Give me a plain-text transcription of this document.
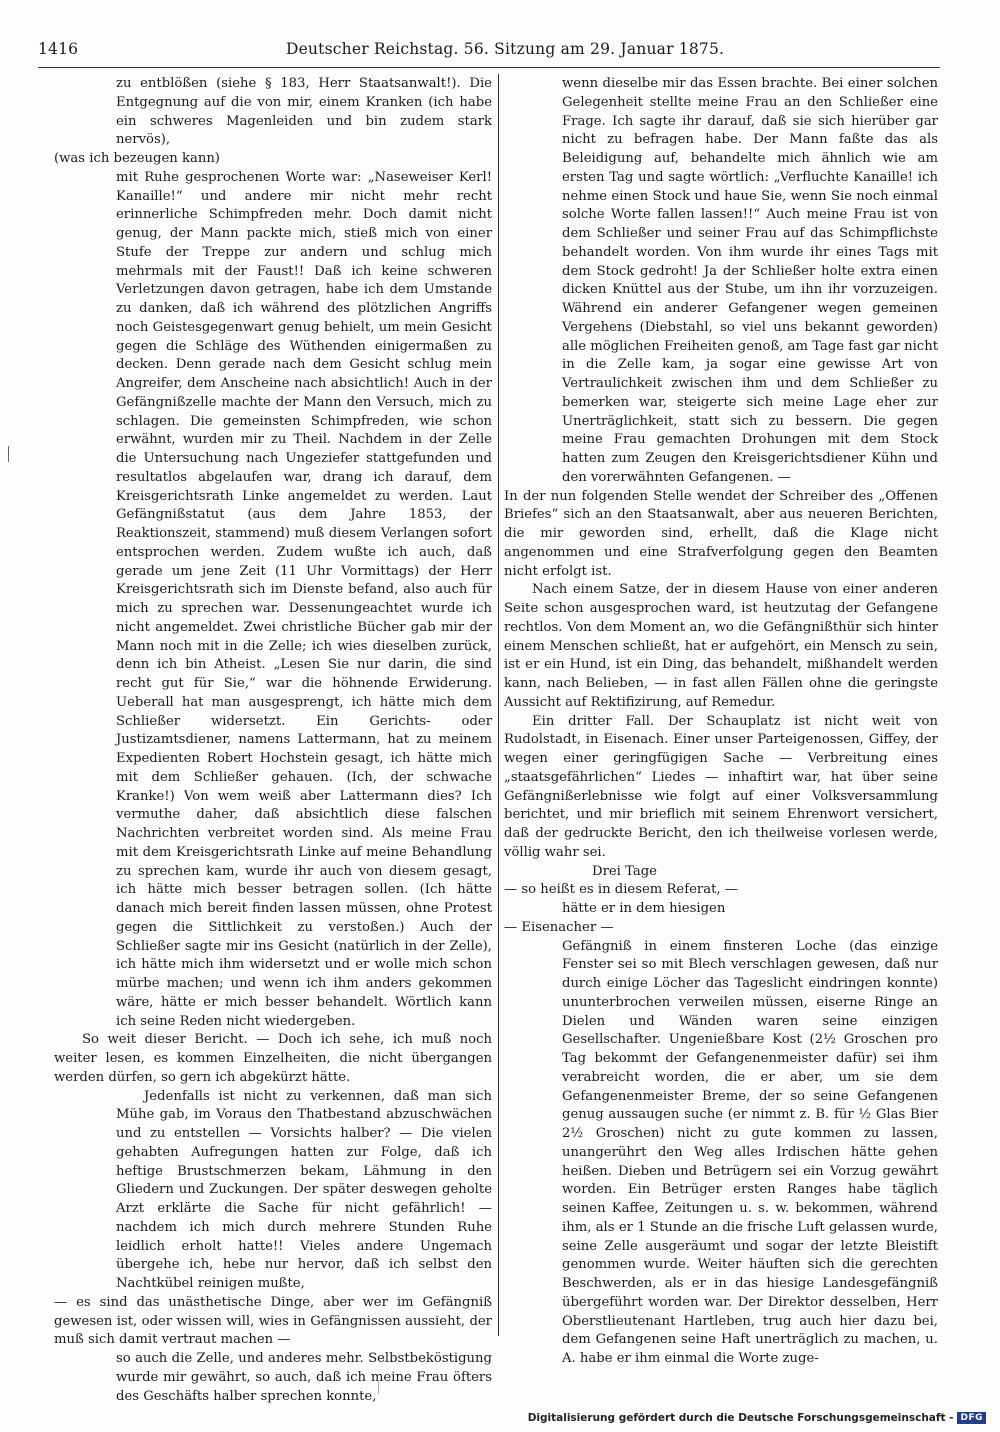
1416	Deutscher Reichstag. 56. Sitzung am 29. Januar 1875.

zu entblößen (siehe § 183, Herr Staatsanwalt!). Die Entgegnung auf die von mir, einem Kranken (ich habe ein schweres Magenleiden und bin zudem stark nervös),

(was ich bezeugen kann)

mit Ruhe gesprochenen Worte war: „Naseweiser Kerl! Kanaille!“ und andere mir nicht mehr recht erinnerliche Schimpfreden mehr. Doch damit nicht genug, der Mann packte mich, stieß mich von einer Stufe der Treppe zur andern und schlug mich mehrmals mit der Faust!! Daß ich keine schweren Verletzungen davon getragen, habe ich dem Umstande zu danken, daß ich während des plötzlichen Angriffs noch Geistesgegenwart genug behielt, um mein Gesicht gegen die Schläge des Wüthenden einigermaßen zu decken. Denn gerade nach dem Gesicht schlug mein Angreifer, dem Anscheine nach absichtlich! Auch in der Gefängnißzelle machte der Mann den Versuch, mich zu schlagen. Die gemeinsten Schimpfreden, wie schon erwähnt, wurden mir zu Theil. Nachdem in der Zelle die Untersuchung nach Ungeziefer stattgefunden und resultatlos abgelaufen war, drang ich darauf, dem Kreisgerichtsrath Linke angemeldet zu werden. Laut Gefängnißstatut (aus dem Jahre 1853, der Reaktionszeit, stammend) muß diesem Verlangen sofort entsprochen werden. Zudem wußte ich auch, daß gerade um jene Zeit (11 Uhr Vormittags) der Herr Kreisgerichtsrath sich im Dienste befand, also auch für mich zu sprechen war. Dessenungeachtet wurde ich nicht angemeldet. Zwei christliche Bücher gab mir der Mann noch mit in die Zelle; ich wies dieselben zurück, denn ich bin Atheist. „Lesen Sie nur darin, die sind recht gut für Sie,“ war die höhnende Erwiderung. Ueberall hat man ausgesprengt, ich hätte mich dem Schließer widersetzt. Ein Gerichts- oder Justizamtsdiener, namens Lattermann, hat zu meinem Expedienten Robert Hochstein gesagt, ich hätte mich mit dem Schließer gehauen. (Ich, der schwache Kranke!) Von wem weiß aber Lattermann dies? Ich vermuthe daher, daß absichtlich diese falschen Nachrichten verbreitet worden sind. Als meine Frau mit dem Kreisgerichtsrath Linke auf meine Behandlung zu sprechen kam, wurde ihr auch von diesem gesagt, ich hätte mich besser betragen sollen. (Ich hätte danach mich bereit finden lassen müssen, ohne Protest gegen die Sittlichkeit zu verstoßen.) Auch der Schließer sagte mir ins Gesicht (natürlich in der Zelle), ich hätte mich ihm widersetzt und er wolle mich schon mürbe machen; und wenn ich ihm anders gekommen wäre, hätte er mich besser behandelt. Wörtlich kann ich seine Reden nicht wiedergeben.

So weit dieser Bericht. — Doch ich sehe, ich muß noch weiter lesen, es kommen Einzelheiten, die nicht übergangen werden dürfen, so gern ich abgekürzt hätte.

Jedenfalls ist nicht zu verkennen, daß man sich Mühe gab, im Voraus den Thatbestand abzuschwächen und zu entstellen — Vorsichts halber? — Die vielen gehabten Aufregungen hatten zur Folge, daß ich heftige Brustschmerzen bekam, Lähmung in den Gliedern und Zuckungen. Der später deswegen geholte Arzt erklärte die Sache für nicht gefährlich! — nachdem ich mich durch mehrere Stunden Ruhe leidlich erholt hatte!! Vieles andere Ungemach übergehe ich, hebe nur hervor, daß ich selbst den Nachtkübel reinigen mußte,

— es sind das unästhetische Dinge, aber wer im Gefängniß gewesen ist, oder wissen will, wies in Gefängnissen aussieht, der muß sich damit vertraut machen —

so auch die Zelle, und anderes mehr. Selbstbeköstigung wurde mir gewährt, so auch, daß ich meine Frau öfters des Geschäfts halber sprechen konnte,

wenn dieselbe mir das Essen brachte. Bei einer solchen Gelegenheit stellte meine Frau an den Schließer eine Frage. Ich sagte ihr darauf, daß sie sich hierüber gar nicht zu befragen habe. Der Mann faßte das als Beleidigung auf, behandelte mich ähnlich wie am ersten Tag und sagte wörtlich: „Verfluchte Kanaille! ich nehme einen Stock und haue Sie, wenn Sie noch einmal solche Worte fallen lassen!!“ Auch meine Frau ist von dem Schließer und seiner Frau auf das Schimpflichste behandelt worden. Von ihm wurde ihr eines Tags mit dem Stock gedroht! Ja der Schließer holte extra einen dicken Knüttel aus der Stube, um ihn ihr vorzuzeigen. Während ein anderer Gefangener wegen gemeinen Vergehens (Diebstahl, so viel uns bekannt geworden) alle möglichen Freiheiten genoß, am Tage fast gar nicht in die Zelle kam, ja sogar eine gewisse Art von Vertraulichkeit zwischen ihm und dem Schließer zu bemerken war, steigerte sich meine Lage eher zur Unerträglichkeit, statt sich zu bessern. Die gegen meine Frau gemachten Drohungen mit dem Stock hatten zum Zeugen den Kreisgerichtsdiener Kühn und den vorerwähnten Gefangenen. —

In der nun folgenden Stelle wendet der Schreiber des „Offenen Briefes“ sich an den Staatsanwalt, aber aus neueren Berichten, die mir geworden sind, erhellt, daß die Klage nicht angenommen und eine Strafverfolgung gegen den Beamten nicht erfolgt ist.

Nach einem Satze, der in diesem Hause von einer anderen Seite schon ausgesprochen ward, ist heutzutag der Gefangene rechtlos. Von dem Moment an, wo die Gefängnißthür sich hinter einem Menschen schließt, hat er aufgehört, ein Mensch zu sein, ist er ein Hund, ist ein Ding, das behandelt, mißhandelt werden kann, nach Belieben, — in fast allen Fällen ohne die geringste Aussicht auf Rektifizirung, auf Remedur.

Ein dritter Fall. Der Schauplatz ist nicht weit von Rudolstadt, in Eisenach. Einer unser Parteigenossen, Giffey, der wegen einer geringfügigen Sache — Verbreitung eines „staatsgefährlichen“ Liedes — inhaftirt war, hat über seine Gefängnißerlebnisse wie folgt auf einer Volksversammlung berichtet, und mir brieflich mit seinem Ehrenwort versichert, daß der gedruckte Bericht, den ich theilweise vorlesen werde, völlig wahr sei.

Drei Tage

— so heißt es in diesem Referat, —

hätte er in dem hiesigen

— Eisenacher —

Gefängniß in einem finsteren Loche (das einzige Fenster sei so mit Blech verschlagen gewesen, daß nur durch einige Löcher das Tageslicht eindringen konnte) ununterbrochen verweilen müssen, eiserne Ringe an Dielen und Wänden waren seine einzigen Gesellschafter. Ungenießbare Kost (2½ Groschen pro Tag bekommt der Gefangenenmeister dafür) sei ihm verabreicht worden, die er aber, um sie dem Gefangenenmeister Breme, der so seine Gefangenen genug aussaugen suche (er nimmt z. B. für ½ Glas Bier 2½ Groschen) nicht zu gute kommen zu lassen, unangerührt den Weg alles Irdischen hätte gehen heißen. Dieben und Betrügern sei ein Vorzug gewährt worden. Ein Betrüger ersten Ranges habe täglich seinen Kaffee, Zeitungen u. s. w. bekommen, während ihm, als er 1 Stunde an die frische Luft gelassen wurde, seine Zelle ausgeräumt und sogar der letzte Bleistift genommen wurde. Weiter häuften sich die gerechten Beschwerden, als er in das hiesige Landesgefängniß übergeführt worden war. Der Direktor desselben, Herr Oberstlieutenant Hartleben, trug auch hier dazu bei, dem Gefangenen seine Haft unerträglich zu machen, u. A. habe er ihm einmal die Worte zuge-

Digitalisierung gefördert durch die Deutsche Forschungsgemeinschaft - DFG
